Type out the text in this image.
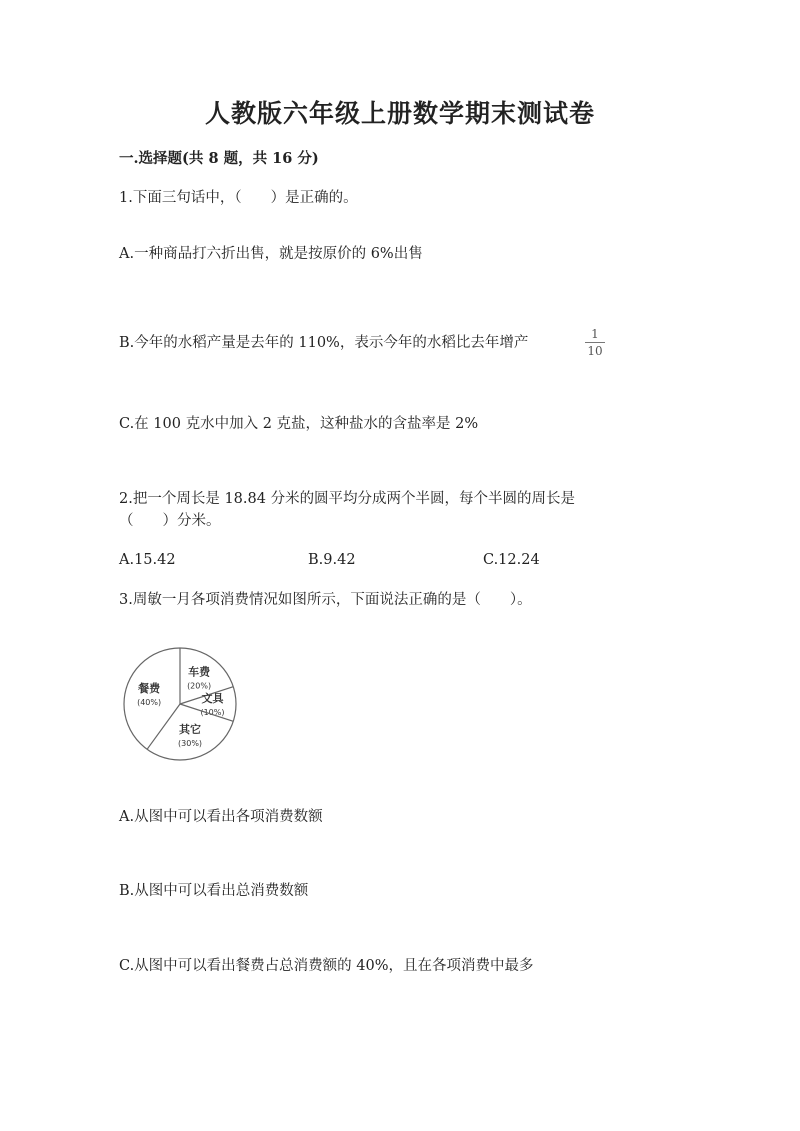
人教版六年级上册数学期末测试卷
一.选择题(共 8 题，共 16 分)
1.下面三句话中，（　　）是正确的。
A.一种商品打六折出售，就是按原价的 6%出售
B.今年的水稻产量是去年的 110%，表示今年的水稻比去年增产
1
10
C.在 100 克水中加入 2 克盐，这种盐水的含盐率是 2%
2.把一个周长是 18.84 分米的圆平均分成两个半圆，每个半圆的周长是
（　　）分米。
A.15.42	B.9.42	C.12.24
3.周敏一月各项消费情况如图所示，下面说法正确的是（　　）。
车费
(20%)
文具
(10%)
其它
(30%)
餐费
(40%)
A.从图中可以看出各项消费数额
B.从图中可以看出总消费数额
C.从图中可以看出餐费占总消费额的 40%，且在各项消费中最多
